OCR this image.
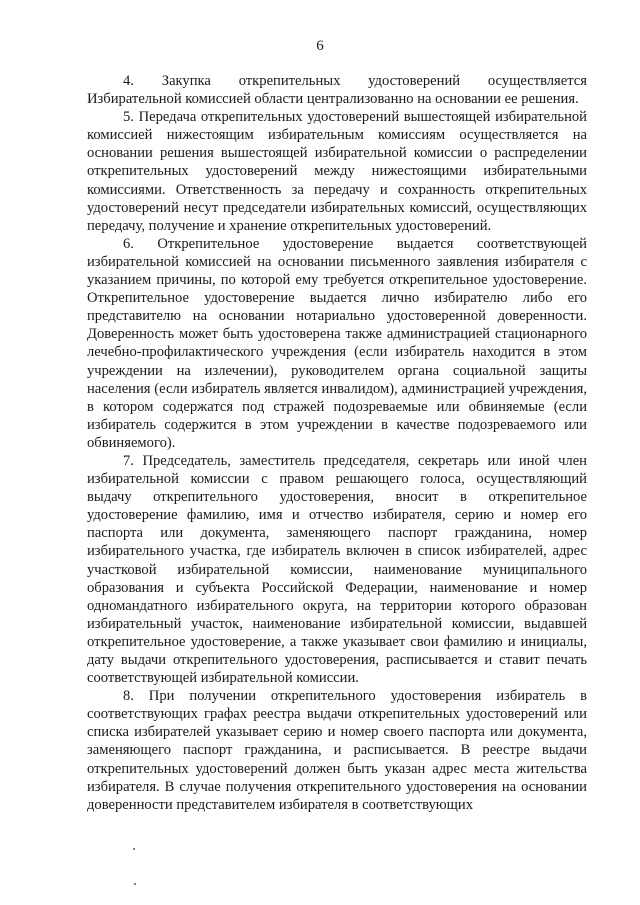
6

4. Закупка открепительных удостоверений осуществляется Избирательной комиссией области централизованно на основании ее решения.

5. Передача открепительных удостоверений вышестоящей избирательной комиссией нижестоящим избирательным комиссиям осуществляется на основании решения вышестоящей избирательной комиссии о распределении открепительных удостоверений между нижестоящими избирательными комиссиями. Ответственность за передачу и сохранность открепительных удостоверений несут председатели избирательных комиссий, осуществляющих передачу, получение и хранение открепительных удостоверений.

6. Открепительное удостоверение выдается соответствующей избирательной комиссией на основании письменного заявления избирателя с указанием причины, по которой ему требуется открепительное удостоверение. Открепительное удостоверение выдается лично избирателю либо его представителю на основании нотариально удостоверенной доверенности. Доверенность может быть удостоверена также администрацией стационарного лечебно-профилактического учреждения (если избиратель находится в этом учреждении на излечении), руководителем органа социальной защиты населения (если избиратель является инвалидом), администрацией учреждения, в котором содержатся под стражей подозреваемые или обвиняемые (если избиратель содержится в этом учреждении в качестве подозреваемого или обвиняемого).

7. Председатель, заместитель председателя, секретарь или иной член избирательной комиссии с правом решающего голоса, осуществляющий выдачу открепительного удостоверения, вносит в открепительное удостоверение фамилию, имя и отчество избирателя, серию и номер его паспорта или документа, заменяющего паспорт гражданина, номер избирательного участка, где избиратель включен в список избирателей, адрес участковой избирательной комиссии, наименование муниципального образования и субъекта Российской Федерации, наименование и номер одномандатного избирательного округа, на территории которого образован избирательный участок, наименование избирательной комиссии, выдавшей открепительное удостоверение, а также указывает свои фамилию и инициалы, дату выдачи открепительного удостоверения, расписывается и ставит печать соответствующей избирательной комиссии.

8. При получении открепительного удостоверения избиратель в соответствующих графах реестра выдачи открепительных удостоверений или списка избирателей указывает серию и номер своего паспорта или документа, заменяющего паспорт гражданина, и расписывается. В реестре выдачи открепительных удостоверений должен быть указан адрес места жительства избирателя. В случае получения открепительного удостоверения на основании доверенности представителем избирателя в соответствующих
